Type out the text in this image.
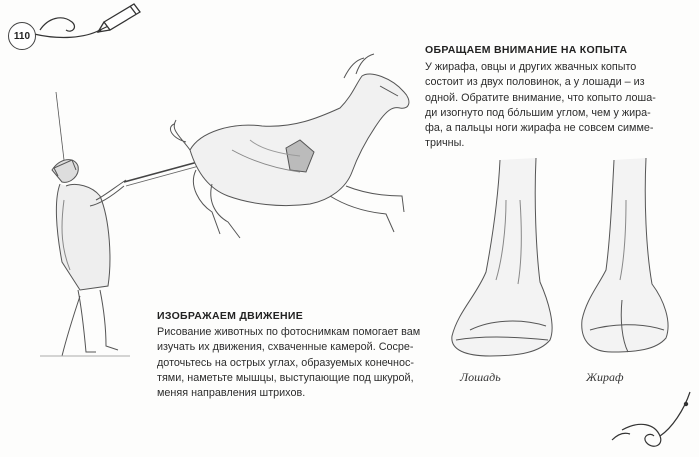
110
ОБРАЩАЕМ ВНИМАНИЕ НА КОПЫТА
У жирафа, овцы и других жвачных копыто
состоит из двух половинок, а у лошади – из
одной. Обратите внимание, что копыто лоша-
ди изогнуто под бо́льшим углом, чем у жира-
фа, а пальцы ноги жирафа не совсем симме-
тричны.
ИЗОБРАЖАЕМ ДВИЖЕНИЕ
Рисование животных по фотоснимкам помогает вам
изучать их движения, схваченные камерой. Сосре-
доточьтесь на острых углах, образуемых конечнос-
тями, наметьте мышцы, выступающие под шкурой,
меняя направления штрихов.
Лошадь	Жираф
